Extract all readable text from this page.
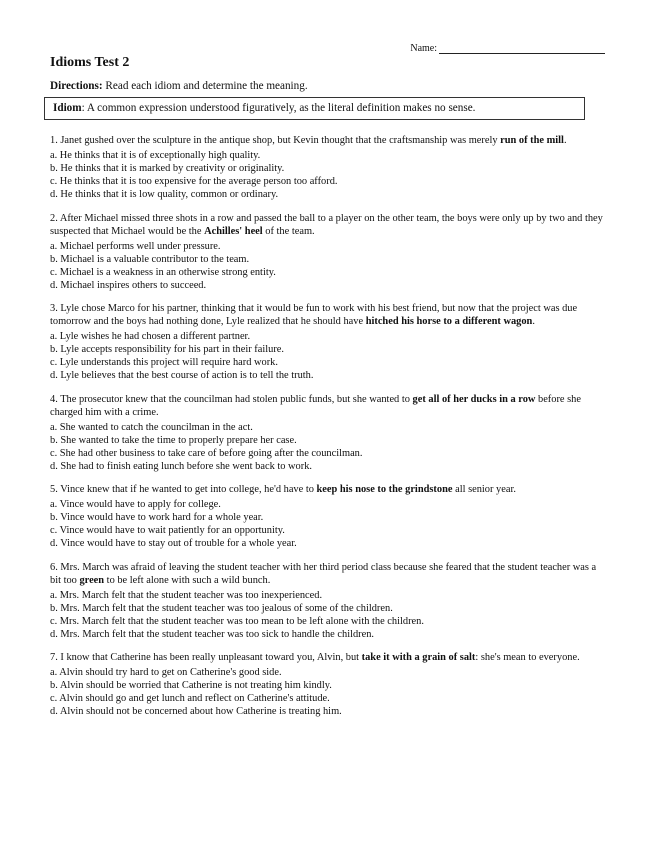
Name:
Idioms Test 2
Directions: Read each idiom and determine the meaning.
Idiom: A common expression understood figuratively, as the literal definition makes no sense.
1. Janet gushed over the sculpture in the antique shop, but Kevin thought that the craftsmanship was merely run of the mill.
a. He thinks that it is of exceptionally high quality.
b. He thinks that it is marked by creativity or originality.
c. He thinks that it is too expensive for the average person too afford.
d. He thinks that it is low quality, common or ordinary.
2. After Michael missed three shots in a row and passed the ball to a player on the other team, the boys were only up by two and they suspected that Michael would be the Achilles' heel of the team.
a. Michael performs well under pressure.
b. Michael is a valuable contributor to the team.
c. Michael is a weakness in an otherwise strong entity.
d. Michael inspires others to succeed.
3. Lyle chose Marco for his partner, thinking that it would be fun to work with his best friend, but now that the project was due tomorrow and the boys had nothing done, Lyle realized that he should have hitched his horse to a different wagon.
a. Lyle wishes he had chosen a different partner.
b. Lyle accepts responsibility for his part in their failure.
c. Lyle understands this project will require hard work.
d. Lyle believes that the best course of action is to tell the truth.
4. The prosecutor knew that the councilman had stolen public funds, but she wanted to get all of her ducks in a row before she charged him with a crime.
a. She wanted to catch the councilman in the act.
b. She wanted to take the time to properly prepare her case.
c. She had other business to take care of before going after the councilman.
d. She had to finish eating lunch before she went back to work.
5. Vince knew that if he wanted to get into college, he'd have to keep his nose to the grindstone all senior year.
a. Vince would have to apply for college.
b. Vince would have to work hard for a whole year.
c. Vince would have to wait patiently for an opportunity.
d. Vince would have to stay out of trouble for a whole year.
6. Mrs. March was afraid of leaving the student teacher with her third period class because she feared that the student teacher was a bit too green to be left alone with such a wild bunch.
a. Mrs. March felt that the student teacher was too inexperienced.
b. Mrs. March felt that the student teacher was too jealous of some of the children.
c. Mrs. March felt that the student teacher was too mean to be left alone with the children.
d. Mrs. March felt that the student teacher was too sick to handle the children.
7. I know that Catherine has been really unpleasant toward you, Alvin, but take it with a grain of salt: she's mean to everyone.
a. Alvin should try hard to get on Catherine's good side.
b. Alvin should be worried that Catherine is not treating him kindly.
c. Alvin should go and get lunch and reflect on Catherine's attitude.
d. Alvin should not be concerned about how Catherine is treating him.
